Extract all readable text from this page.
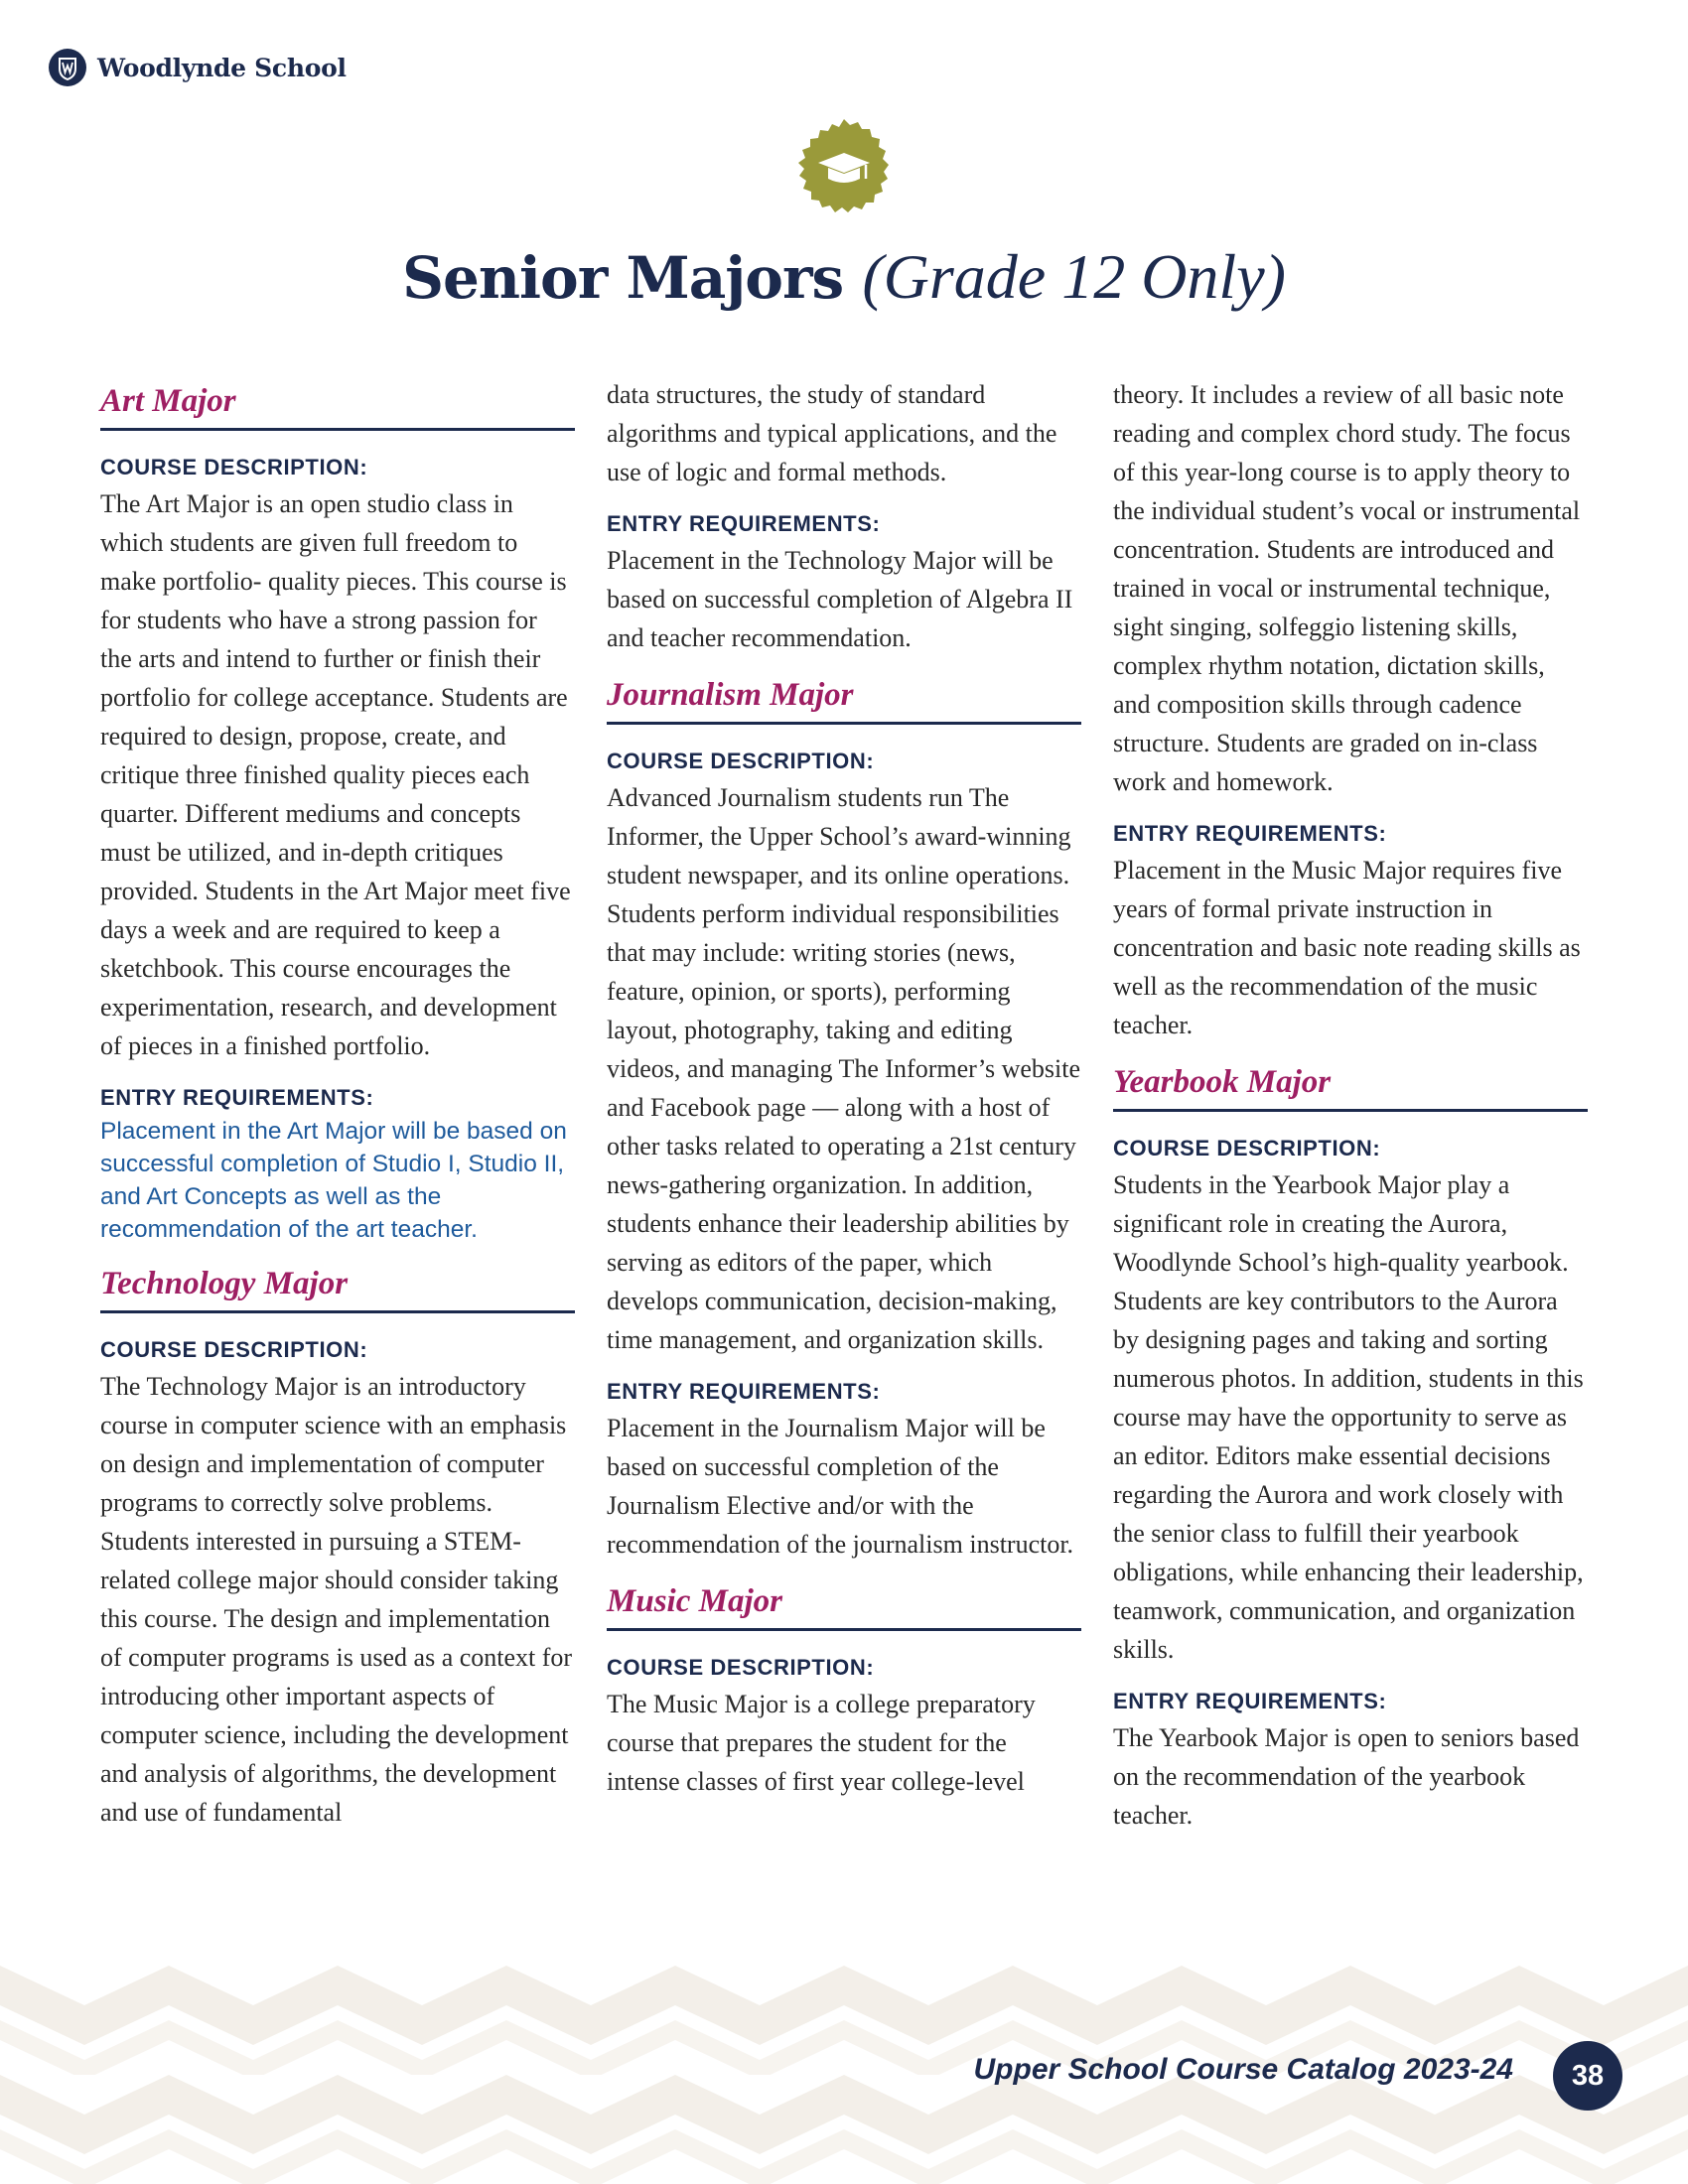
Woodlynde School
Senior Majors (Grade 12 Only)
Art Major
COURSE DESCRIPTION:

The Art Major is an open studio class in which students are given full freedom to make portfolio- quality pieces. This course is for students who have a strong passion for the arts and intend to further or finish their portfolio for college acceptance. Students are required to design, propose, create, and critique three finished quality pieces each quarter. Different mediums and concepts must be utilized, and in-depth critiques provided. Students in the Art Major meet five days a week and are required to keep a sketchbook. This course encourages the experimentation, research, and development of pieces in a finished portfolio.

ENTRY REQUIREMENTS:

Placement in the Art Major will be based on successful completion of Studio I, Studio II, and Art Concepts as well as the recommendation of the art teacher.

Technology Major
COURSE DESCRIPTION:

The Technology Major is an introductory course in computer science with an emphasis on design and implementation of computer programs to correctly solve problems. Students interested in pursuing a STEM-related college major should consider taking this course. The design and implementation of computer programs is used as a context for introducing other important aspects of computer science, including the development and analysis of algorithms, the development and use of fundamental

data structures, the study of standard algorithms and typical applications, and the use of logic and formal methods.

ENTRY REQUIREMENTS:

Placement in the Technology Major will be based on successful completion of Algebra II and teacher recommendation.

Journalism Major
COURSE DESCRIPTION:

Advanced Journalism students run The Informer, the Upper School’s award-winning student newspaper, and its online operations. Students perform individual responsibilities that may include: writing stories (news, feature, opinion, or sports), performing layout, photography, taking and editing videos, and managing The Informer’s website and Facebook page — along with a host of other tasks related to operating a 21st century news-gathering organization. In addition, students enhance their leadership abilities by serving as editors of the paper, which develops communication, decision-making, time management, and organization skills.

ENTRY REQUIREMENTS:

Placement in the Journalism Major will be based on successful completion of the Journalism Elective and/or with the recommendation of the journalism instructor.

Music Major
COURSE DESCRIPTION:

The Music Major is a college preparatory course that prepares the student for the intense classes of first year college-level

theory. It includes a review of all basic note reading and complex chord study. The focus of this year-long course is to apply theory to the individual student’s vocal or instrumental concentration. Students are introduced and trained in vocal or instrumental technique, sight singing, solfeggio listening skills, complex rhythm notation, dictation skills, and composition skills through cadence structure. Students are graded on in-class work and homework.

ENTRY REQUIREMENTS:

Placement in the Music Major requires five years of formal private instruction in concentration and basic note reading skills as well as the recommendation of the music teacher.

Yearbook Major
COURSE DESCRIPTION:

Students in the Yearbook Major play a significant role in creating the Aurora, Woodlynde School’s high-quality yearbook. Students are key contributors to the Aurora by designing pages and taking and sorting numerous photos. In addition, students in this course may have the opportunity to serve as an editor. Editors make essential decisions regarding the Aurora and work closely with the senior class to fulfill their yearbook obligations, while enhancing their leadership, teamwork, communication, and organization skills.

ENTRY REQUIREMENTS:

The Yearbook Major is open to seniors based on the recommendation of the yearbook teacher.

Upper School Course Catalog 2023-24	38
